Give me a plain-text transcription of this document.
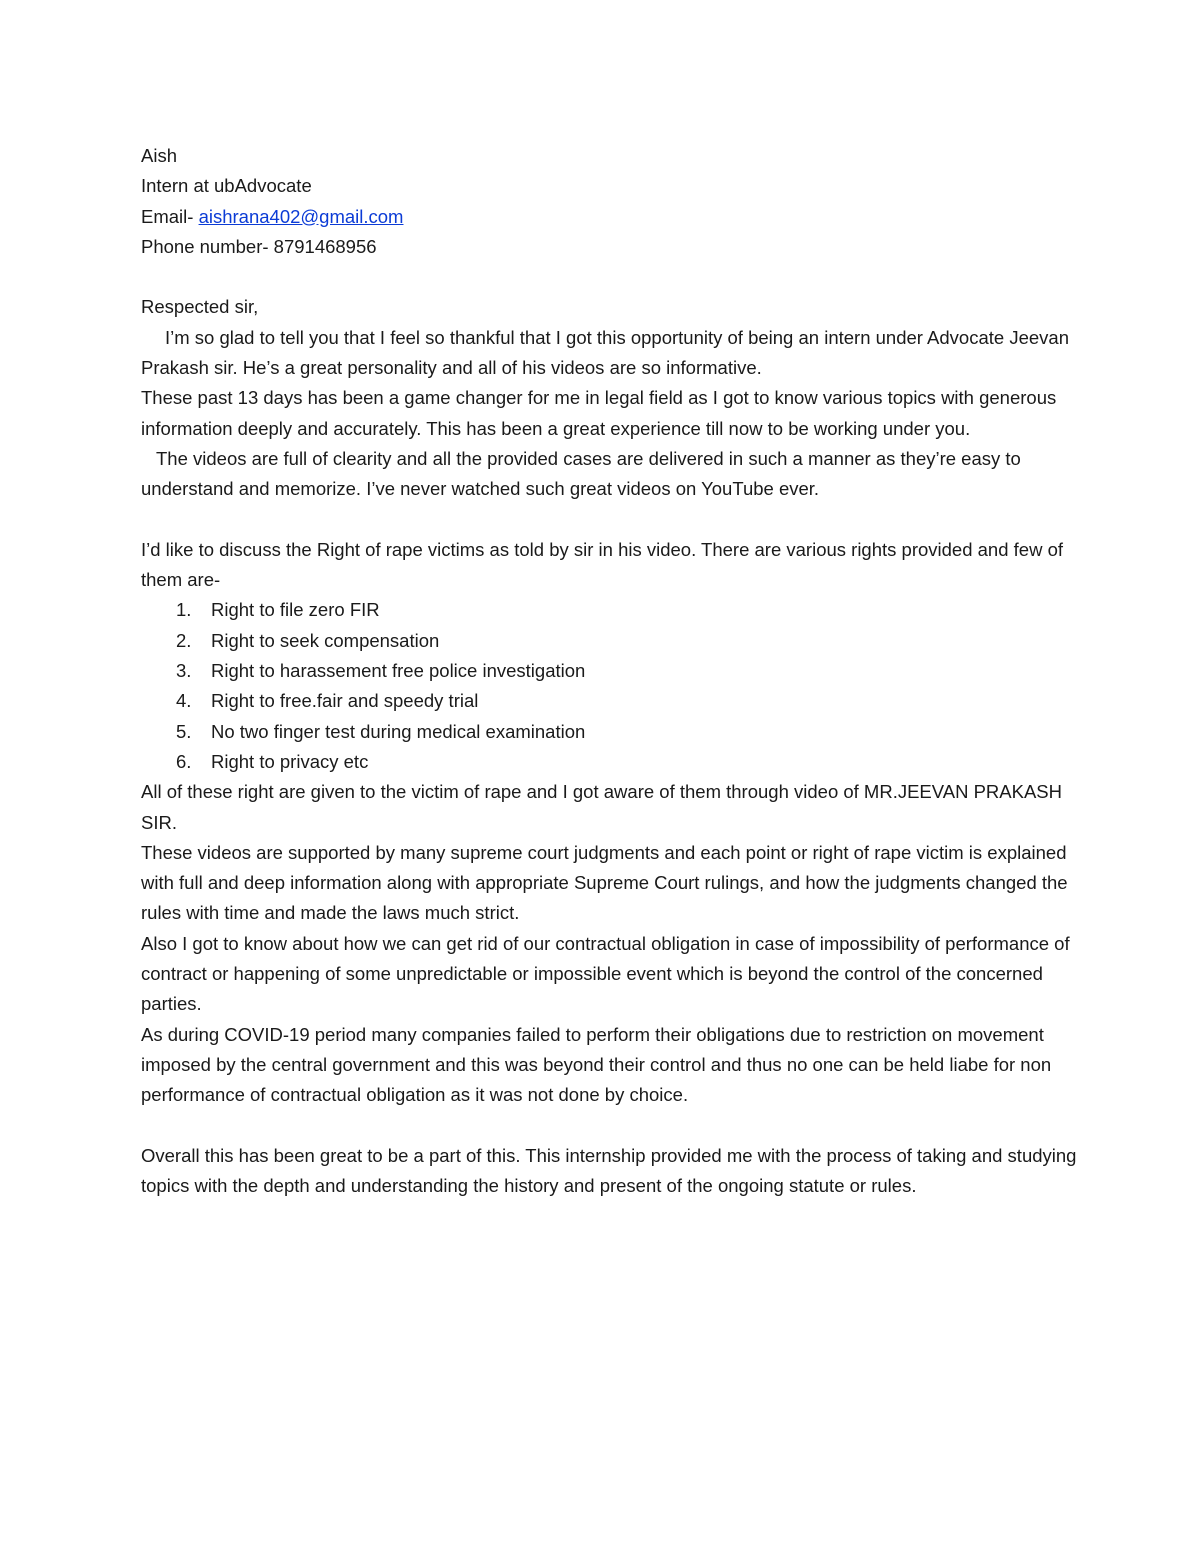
Aish

Intern at ubAdvocate

Email- aishrana402@gmail.com

Phone number- 8791468956

Respected sir,

I’m so glad to tell you that I feel so thankful that I got this opportunity of being an intern under Advocate Jeevan Prakash sir. He’s a great personality and all of his videos are so informative.

These past 13 days has been a game changer for me in legal field as I got to know various topics with generous information deeply and accurately. This has been a great experience till now to be working under you.

The videos are full of clearity and all the provided cases are delivered in such a manner as they’re easy to understand and memorize. I’ve never watched such great videos on YouTube ever.

I’d like to discuss the Right of rape victims as told by sir in his video. There are various rights provided and few of them are-

1. Right to file zero FIR
2. Right to seek compensation
3. Right to harassement free police investigation
4. Right to free.fair and speedy trial
5. No two finger test during medical examination
6. Right to privacy etc

All of these right are given to the victim of rape and I got aware of them through video of MR.JEEVAN PRAKASH SIR.

These videos are supported by many supreme court judgments and each point or right of rape victim is explained with full and deep information along with appropriate Supreme Court rulings, and how the judgments changed the rules with time and made the laws much strict.

Also I got to know about how we can get rid of our contractual obligation in case of impossibility of performance of contract or happening of some unpredictable or impossible event which is beyond the control of the concerned parties.

As during COVID-19 period many companies failed to perform their obligations due to restriction on movement imposed by the central government and this was beyond their control and thus no one can be held liabe for non performance of contractual obligation as it was not done by choice.

Overall this has been great to be a part of this. This internship provided me with the process of taking and studying topics with the depth and understanding the history and present of the ongoing statute or rules.
